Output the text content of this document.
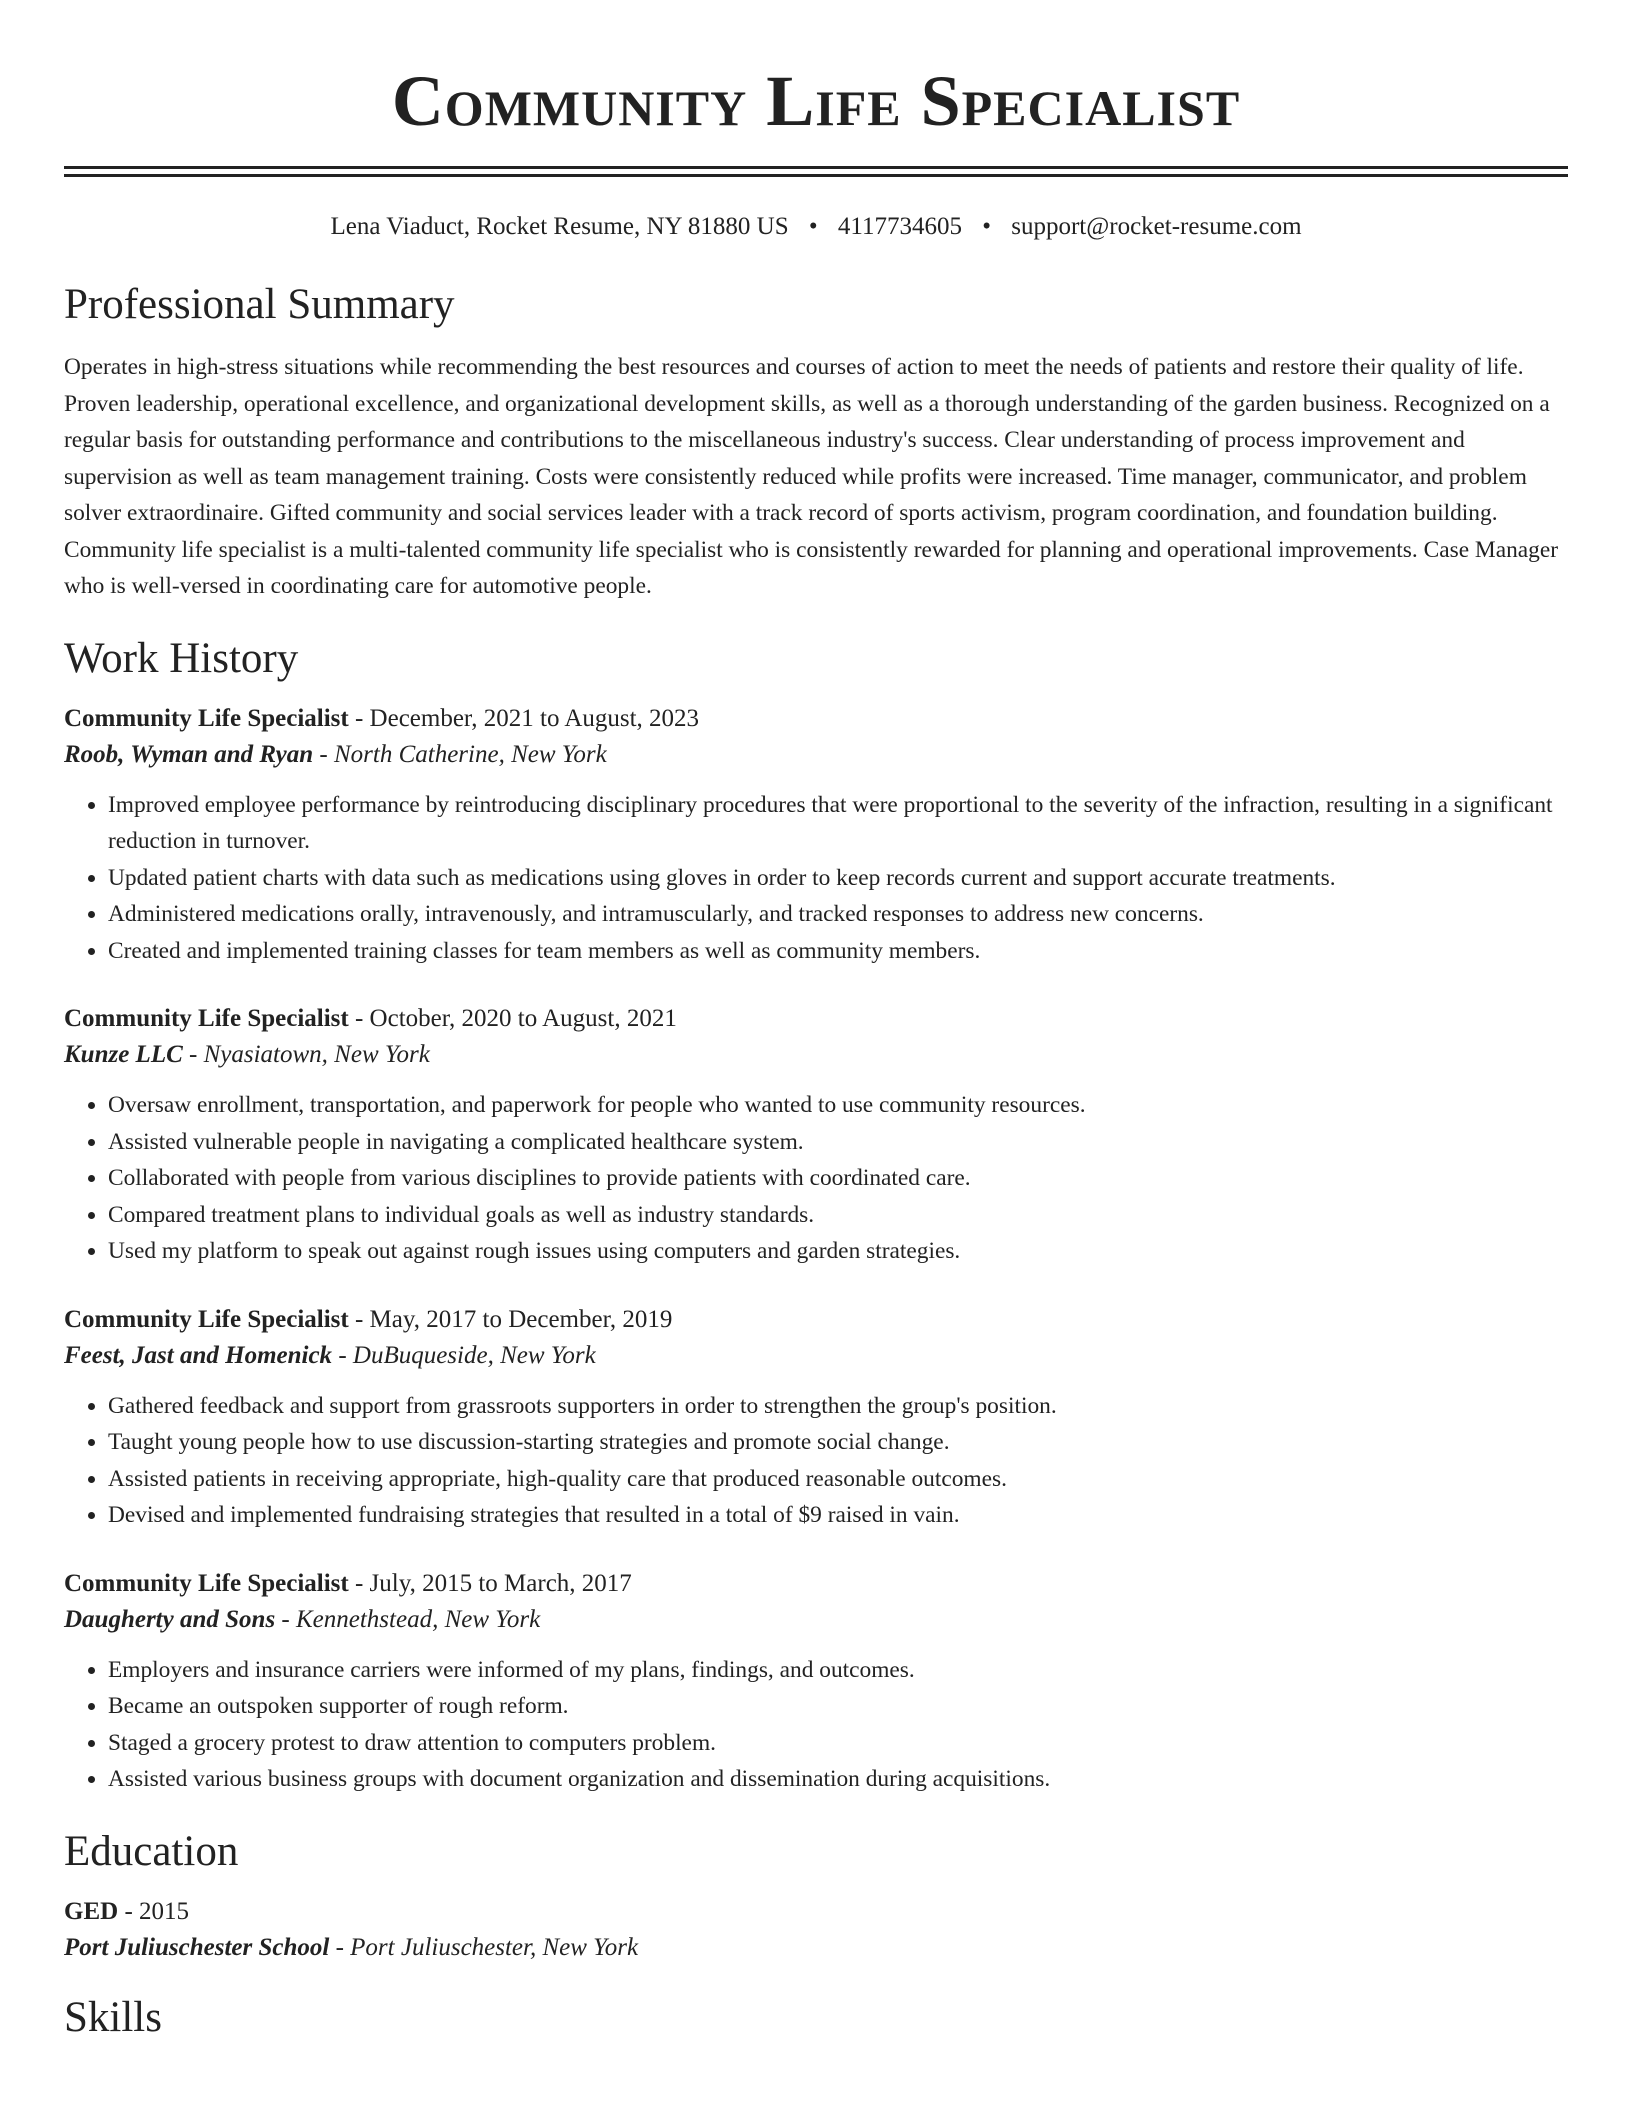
Community Life Specialist
Lena Viaduct, Rocket Resume, NY 81880 US • 4117734605 • support@rocket-resume.com
Professional Summary

Operates in high-stress situations while recommending the best resources and courses of action to meet the needs of patients and restore their quality of life. Proven leadership, operational excellence, and organizational development skills, as well as a thorough understanding of the garden business. Recognized on a regular basis for outstanding performance and contributions to the miscellaneous industry's success. Clear understanding of process improvement and supervision as well as team management training. Costs were consistently reduced while profits were increased. Time manager, communicator, and problem solver extraordinaire. Gifted community and social services leader with a track record of sports activism, program coordination, and foundation building. Community life specialist is a multi-talented community life specialist who is consistently rewarded for planning and operational improvements. Case Manager who is well-versed in coordinating care for automotive people.

Work History
Community Life Specialist - December, 2021 to August, 2023
Roob, Wyman and Ryan - North Catherine, New York
• Improved employee performance by reintroducing disciplinary procedures that were proportional to the severity of the infraction, resulting in a significant reduction in turnover.
• Updated patient charts with data such as medications using gloves in order to keep records current and support accurate treatments.
• Administered medications orally, intravenously, and intramuscularly, and tracked responses to address new concerns.
• Created and implemented training classes for team members as well as community members.
Community Life Specialist - October, 2020 to August, 2021
Kunze LLC - Nyasiatown, New York
• Oversaw enrollment, transportation, and paperwork for people who wanted to use community resources.
• Assisted vulnerable people in navigating a complicated healthcare system.
• Collaborated with people from various disciplines to provide patients with coordinated care.
• Compared treatment plans to individual goals as well as industry standards.
• Used my platform to speak out against rough issues using computers and garden strategies.
Community Life Specialist - May, 2017 to December, 2019
Feest, Jast and Homenick - DuBuqueside, New York
• Gathered feedback and support from grassroots supporters in order to strengthen the group's position.
• Taught young people how to use discussion-starting strategies and promote social change.
• Assisted patients in receiving appropriate, high-quality care that produced reasonable outcomes.
• Devised and implemented fundraising strategies that resulted in a total of $9 raised in vain.
Community Life Specialist - July, 2015 to March, 2017
Daugherty and Sons - Kennethstead, New York
• Employers and insurance carriers were informed of my plans, findings, and outcomes.
• Became an outspoken supporter of rough reform.
• Staged a grocery protest to draw attention to computers problem.
• Assisted various business groups with document organization and dissemination during acquisitions.
Education
GED - 2015
Port Juliuschester School - Port Juliuschester, New York
Skills
